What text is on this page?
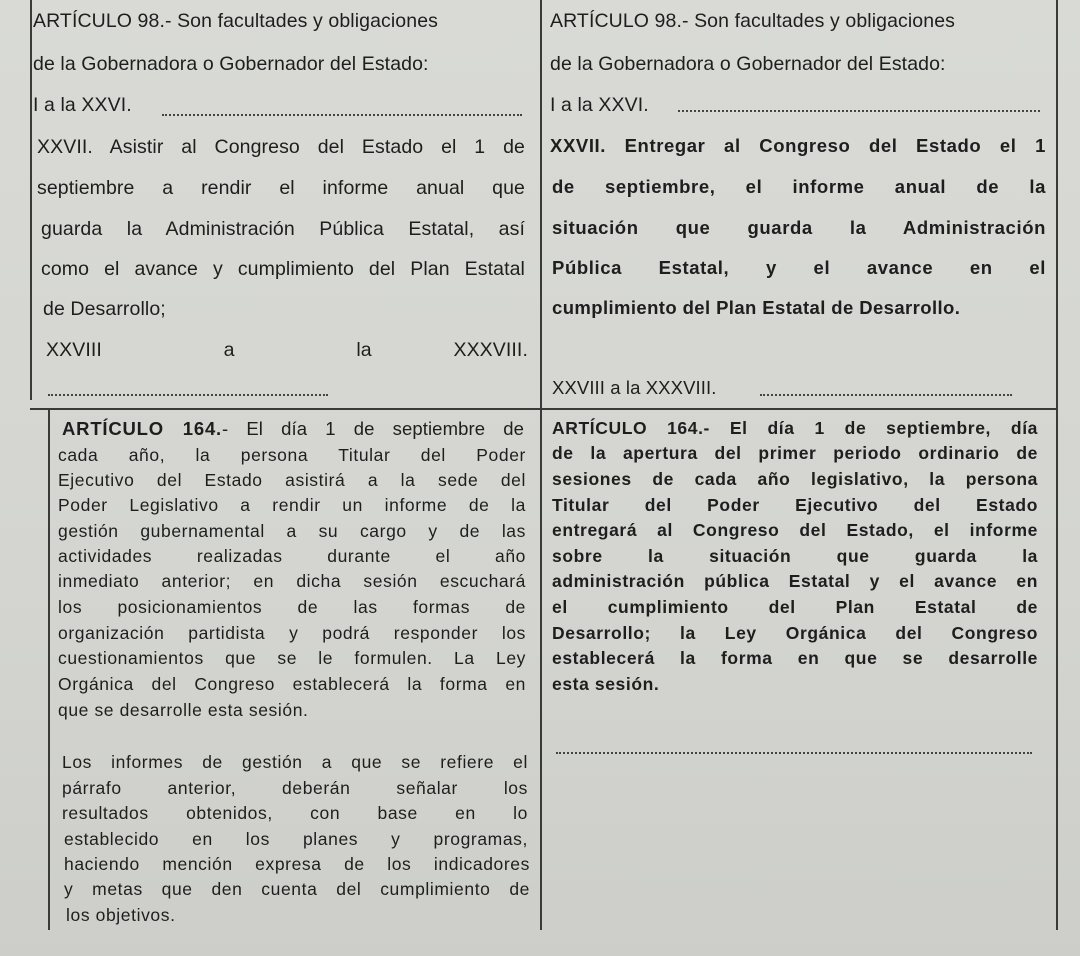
ARTÍCULO 98.- Son facultades y obligaciones
de la Gobernadora o Gobernador del Estado:
I a la XXVI.
XXVII. Asistir al Congreso del Estado el 1 de
septiembre a rendir el informe anual que
guarda la Administración Pública Estatal, así
como el avance y cumplimiento del Plan Estatal
de Desarrollo;
XXVIII	a	la	XXXVIII.
ARTÍCULO 98.- Son facultades y obligaciones
de la Gobernadora o Gobernador del Estado:
I a la XXVI.
XXVII. Entregar al Congreso del Estado el 1
de septiembre, el informe anual de la
situación que guarda la Administración
Pública Estatal, y el avance en el
cumplimiento del Plan Estatal de Desarrollo.
XXVIII a la XXXVIII.
ARTÍCULO 164.- El día 1 de septiembre de
cada año, la persona Titular del Poder
Ejecutivo del Estado asistirá a la sede del
Poder Legislativo a rendir un informe de la
gestión gubernamental a su cargo y de las
actividades realizadas durante el año
inmediato anterior; en dicha sesión escuchará
los posicionamientos de las formas de
organización partidista y podrá responder los
cuestionamientos que se le formulen. La Ley
Orgánica del Congreso establecerá la forma en
que se desarrolle esta sesión.
Los informes de gestión a que se refiere el
párrafo anterior, deberán señalar los
resultados obtenidos, con base en lo
establecido en los planes y programas,
haciendo mención expresa de los indicadores
y metas que den cuenta del cumplimiento de
los objetivos.
ARTÍCULO 164.- El día 1 de septiembre, día
de la apertura del primer periodo ordinario de
sesiones de cada año legislativo, la persona
Titular del Poder Ejecutivo del Estado
entregará al Congreso del Estado, el informe
sobre la situación que guarda la
administración pública Estatal y el avance en
el cumplimiento del Plan Estatal de
Desarrollo; la Ley Orgánica del Congreso
establecerá la forma en que se desarrolle
esta sesión.
